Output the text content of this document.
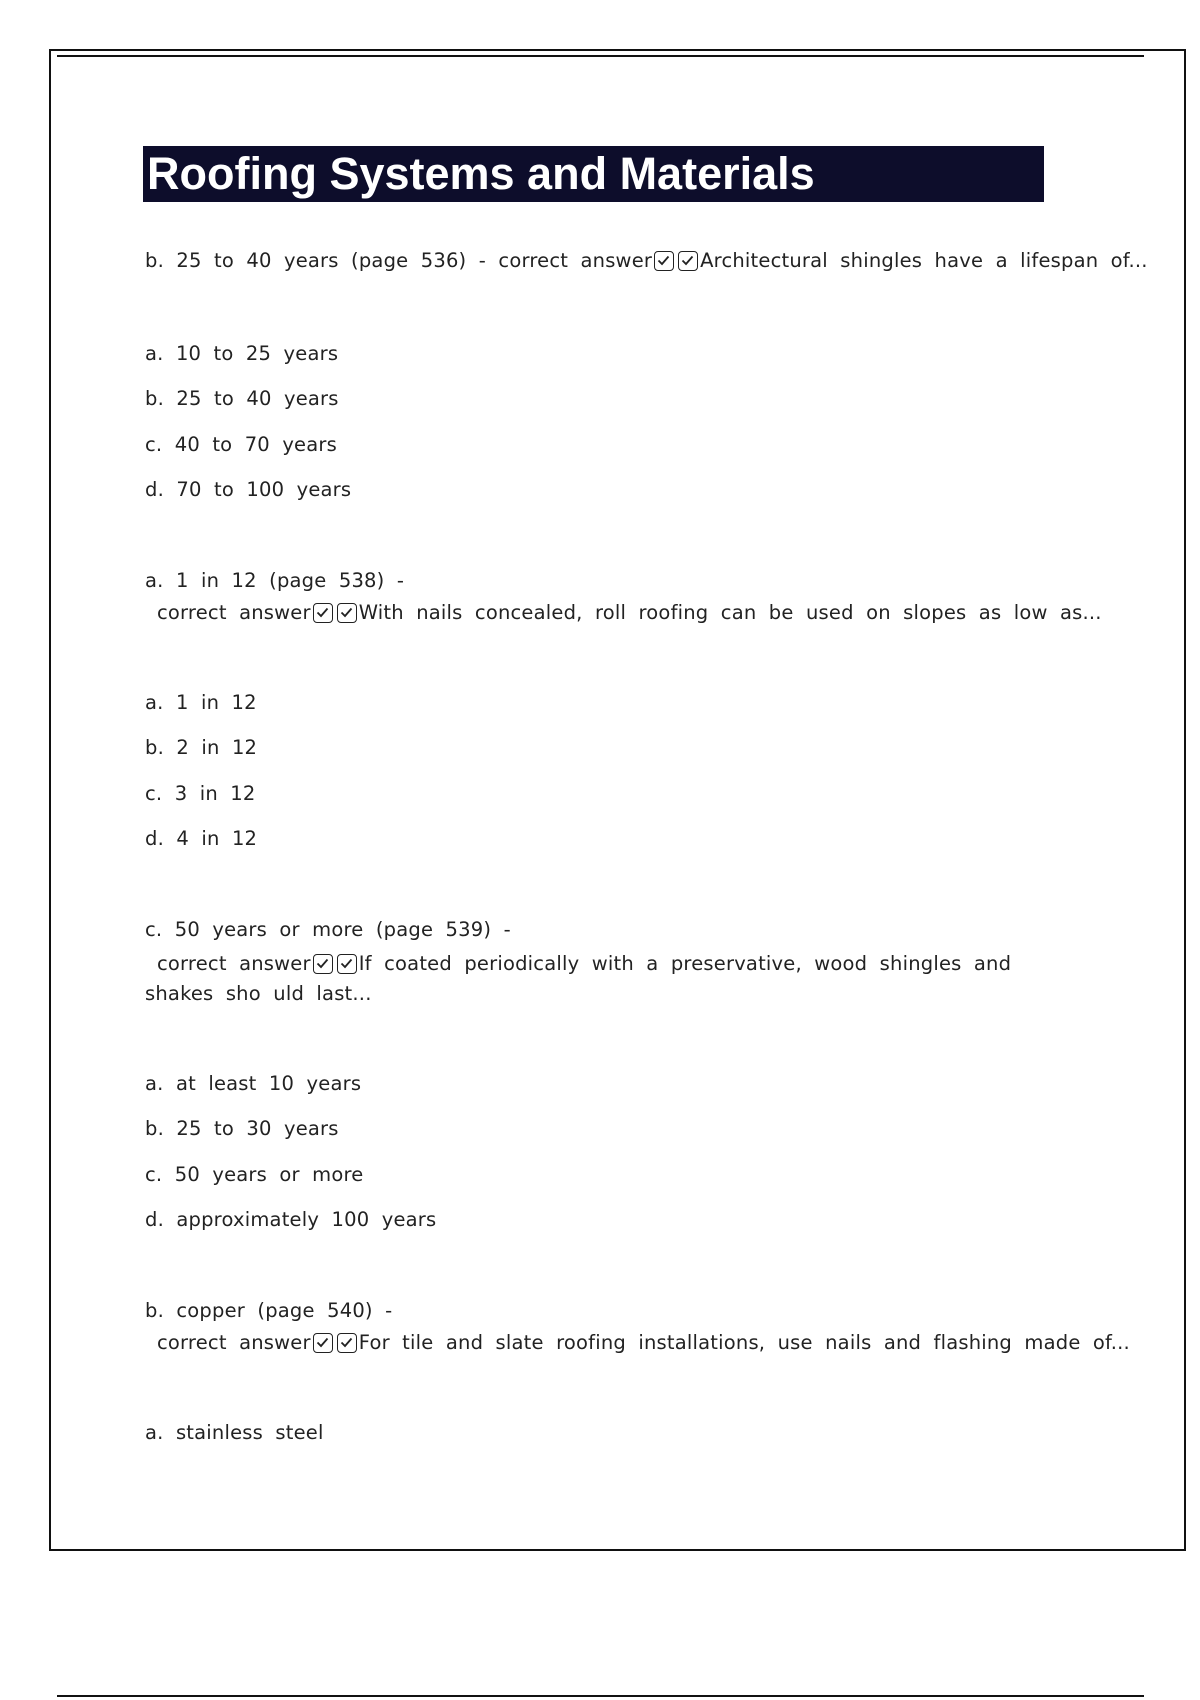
Roofing Systems and Materials
b. 25 to 40 years (page 536) - correct answer Architectural shingles have a lifespan of...
a. 10 to 25 years
b. 25 to 40 years
c. 40 to 70 years
d. 70 to 100 years
a. 1 in 12 (page 538) -
correct answer With nails concealed, roll roofing can be used on slopes as low as...
a. 1 in 12
b. 2 in 12
c. 3 in 12
d. 4 in 12
c. 50 years or more (page 539) -
correct answer If coated periodically with a preservative, wood shingles and shakes sho uld last...
a. at least 10 years
b. 25 to 30 years
c. 50 years or more
d. approximately 100 years
b. copper (page 540) -
correct answer For tile and slate roofing installations, use nails and flashing made of...
a. stainless steel
